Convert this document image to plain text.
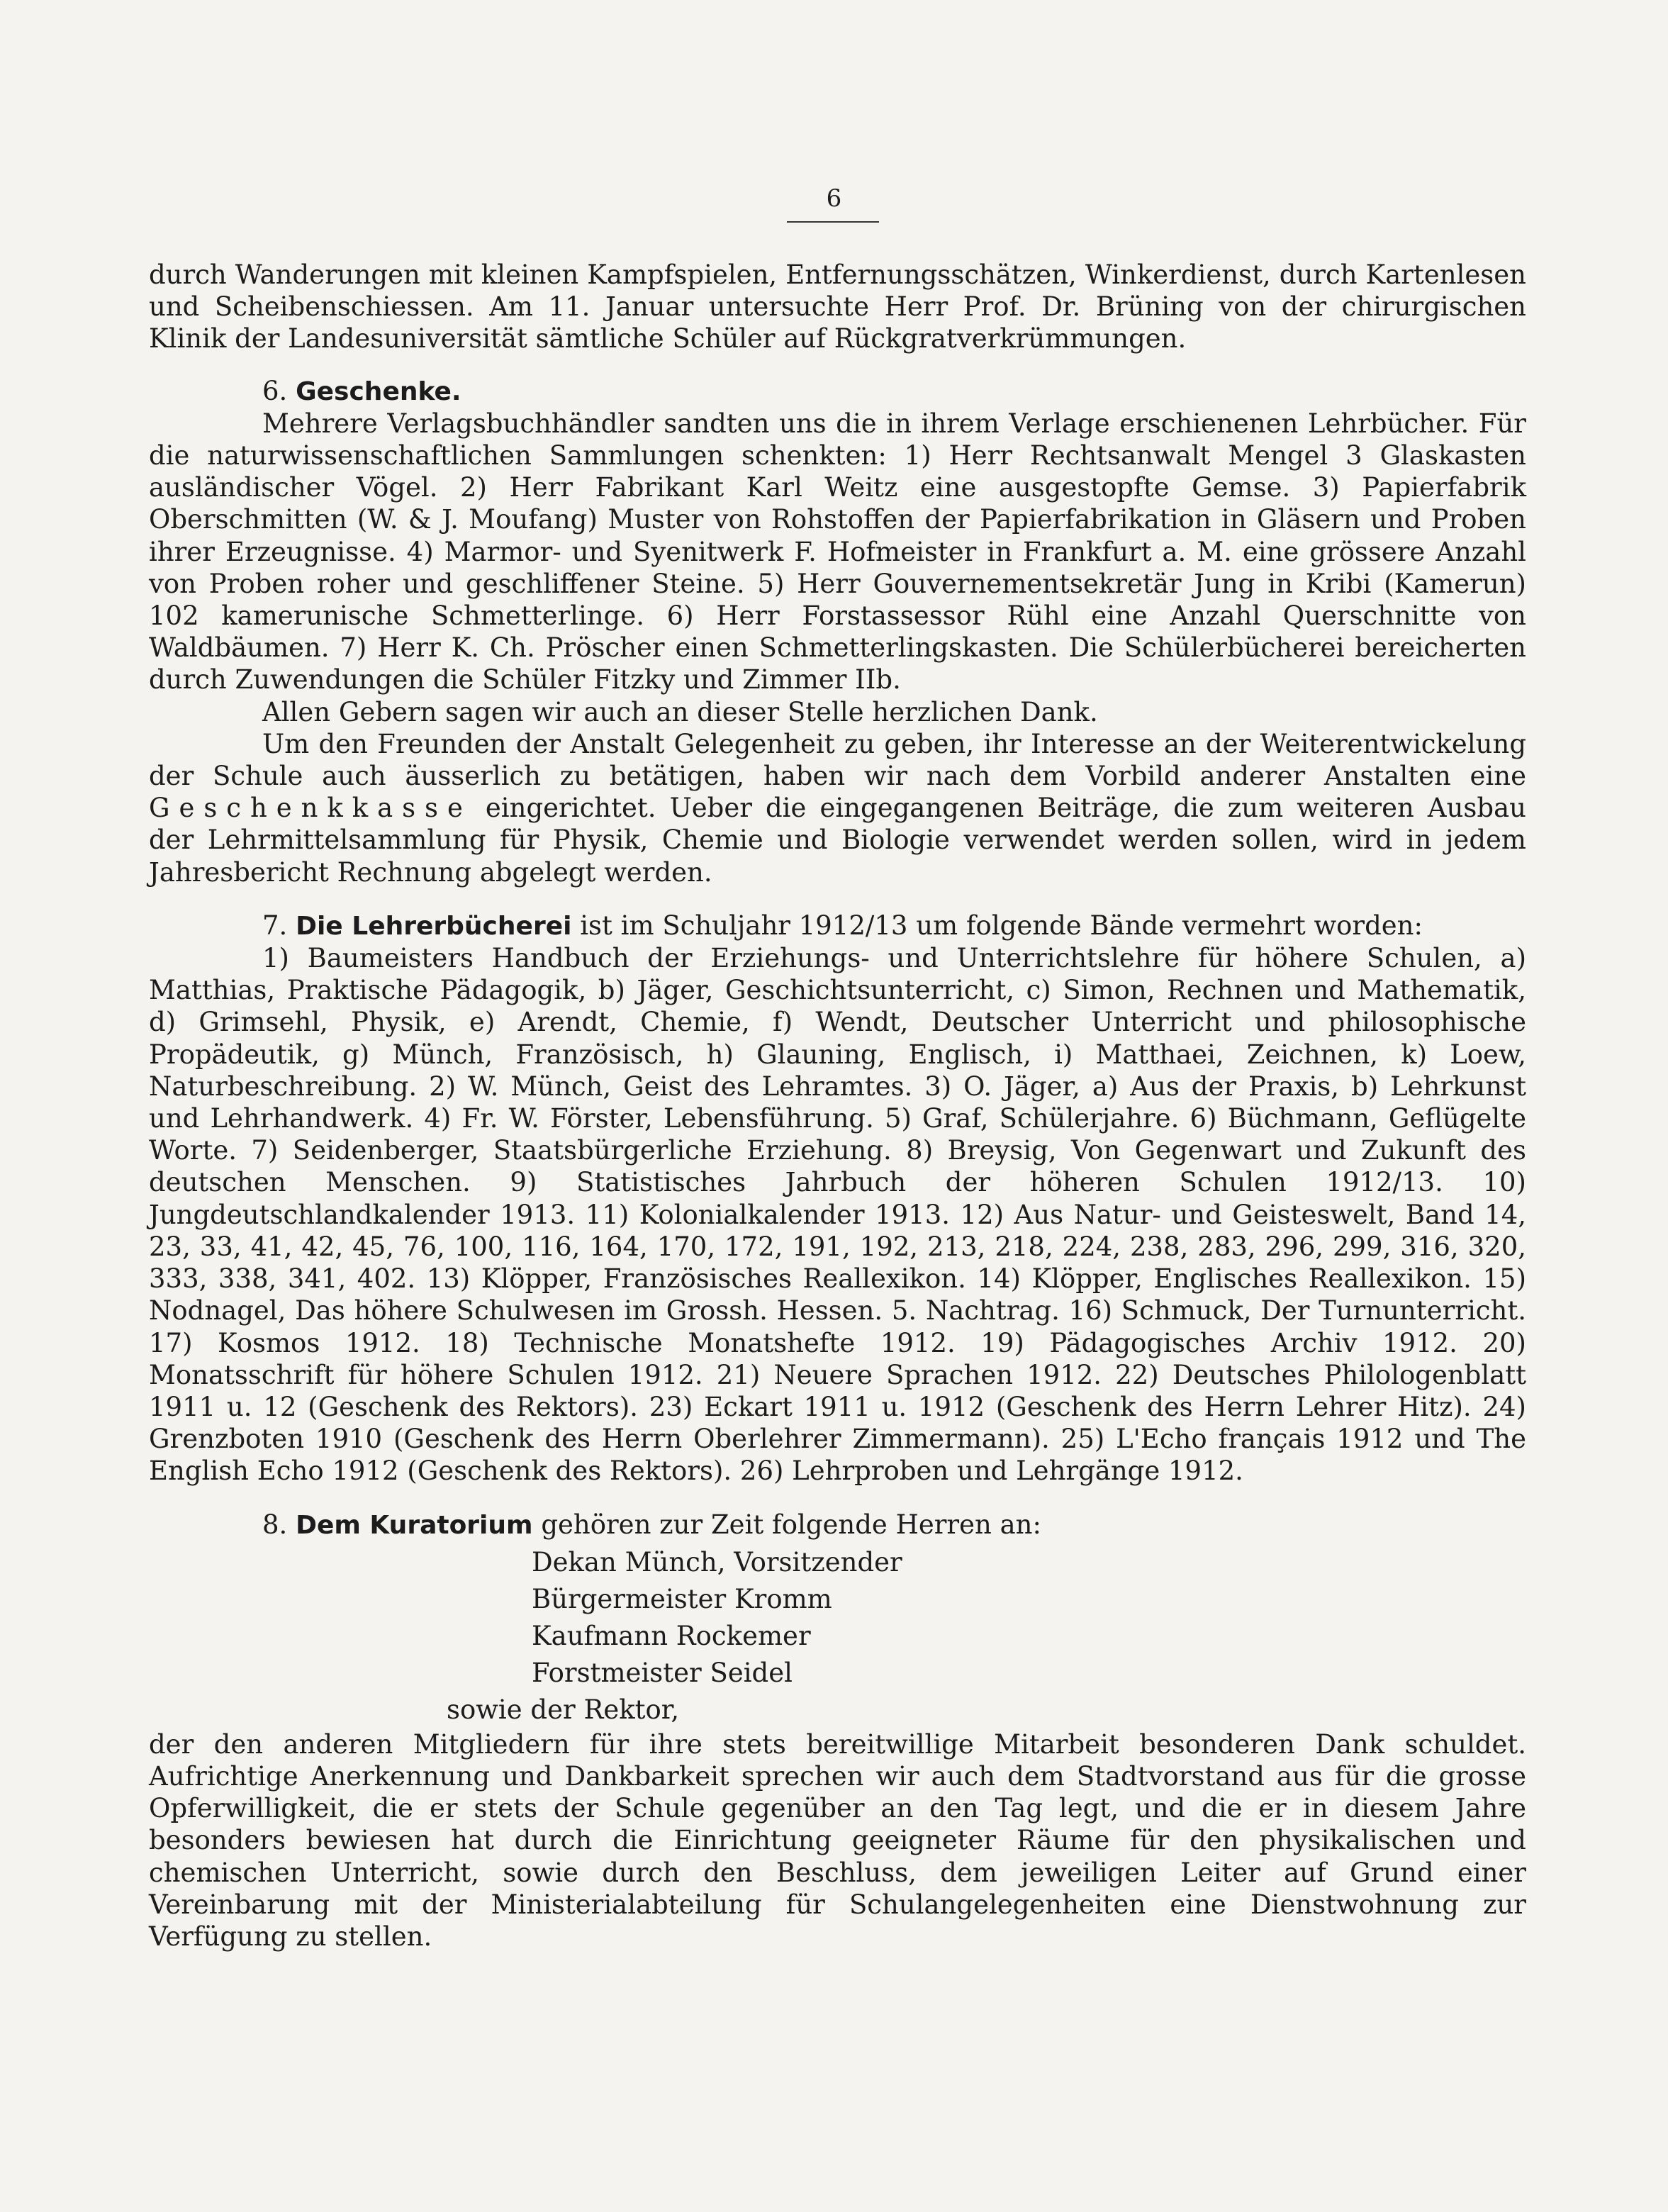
6

durch Wanderungen mit kleinen Kampfspielen, Entfernungsschätzen, Winkerdienst, durch Kartenlesen und Scheibenschiessen. Am 11. Januar untersuchte Herr Prof. Dr. Brüning von der chirurgischen Klinik der Landesuniversität sämtliche Schüler auf Rückgratverkrümmungen.

6. Geschenke.

Mehrere Verlagsbuchhändler sandten uns die in ihrem Verlage erschienenen Lehrbücher. Für die naturwissenschaftlichen Sammlungen schenkten: 1) Herr Rechtsanwalt Mengel 3 Glaskasten ausländischer Vögel. 2) Herr Fabrikant Karl Weitz eine ausgestopfte Gemse. 3) Papierfabrik Oberschmitten (W. & J. Moufang) Muster von Rohstoffen der Papierfabrikation in Gläsern und Proben ihrer Erzeugnisse. 4) Marmor- und Syenitwerk F. Hofmeister in Frankfurt a. M. eine grössere Anzahl von Proben roher und geschliffener Steine. 5) Herr Gouvernementsekretär Jung in Kribi (Kamerun) 102 kamerunische Schmetterlinge. 6) Herr Forstassessor Rühl eine Anzahl Querschnitte von Waldbäumen. 7) Herr K. Ch. Pröscher einen Schmetterlingskasten. Die Schülerbücherei bereicherten durch Zuwendungen die Schüler Fitzky und Zimmer IIb.

Allen Gebern sagen wir auch an dieser Stelle herzlichen Dank.

Um den Freunden der Anstalt Gelegenheit zu geben, ihr Interesse an der Weiterentwickelung der Schule auch äusserlich zu betätigen, haben wir nach dem Vorbild anderer Anstalten eine Geschenkkasse eingerichtet. Ueber die eingegangenen Beiträge, die zum weiteren Ausbau der Lehrmittelsammlung für Physik, Chemie und Biologie verwendet werden sollen, wird in jedem Jahresbericht Rechnung abgelegt werden.

7. Die Lehrerbücherei ist im Schuljahr 1912/13 um folgende Bände vermehrt worden:

1) Baumeisters Handbuch der Erziehungs- und Unterrichtslehre für höhere Schulen, a) Matthias, Praktische Pädagogik, b) Jäger, Geschichtsunterricht, c) Simon, Rechnen und Mathematik, d) Grimsehl, Physik, e) Arendt, Chemie, f) Wendt, Deutscher Unterricht und philosophische Propädeutik, g) Münch, Französisch, h) Glauning, Englisch, i) Matthaei, Zeichnen, k) Loew, Naturbeschreibung. 2) W. Münch, Geist des Lehramtes. 3) O. Jäger, a) Aus der Praxis, b) Lehrkunst und Lehrhandwerk. 4) Fr. W. Förster, Lebensführung. 5) Graf, Schülerjahre. 6) Büchmann, Geflügelte Worte. 7) Seidenberger, Staatsbürgerliche Erziehung. 8) Breysig, Von Gegenwart und Zukunft des deutschen Menschen. 9) Statistisches Jahrbuch der höheren Schulen 1912/13. 10) Jungdeutschlandkalender 1913. 11) Kolonialkalender 1913. 12) Aus Natur- und Geisteswelt, Band 14, 23, 33, 41, 42, 45, 76, 100, 116, 164, 170, 172, 191, 192, 213, 218, 224, 238, 283, 296, 299, 316, 320, 333, 338, 341, 402. 13) Klöpper, Französisches Reallexikon. 14) Klöpper, Englisches Reallexikon. 15) Nodnagel, Das höhere Schulwesen im Grossh. Hessen. 5. Nachtrag. 16) Schmuck, Der Turnunterricht. 17) Kosmos 1912. 18) Technische Monatshefte 1912. 19) Pädagogisches Archiv 1912. 20) Monatsschrift für höhere Schulen 1912. 21) Neuere Sprachen 1912. 22) Deutsches Philologenblatt 1911 u. 12 (Geschenk des Rektors). 23) Eckart 1911 u. 1912 (Geschenk des Herrn Lehrer Hitz). 24) Grenzboten 1910 (Geschenk des Herrn Oberlehrer Zimmermann). 25) L'Echo français 1912 und The English Echo 1912 (Geschenk des Rektors). 26) Lehrproben und Lehrgänge 1912.

8. Dem Kuratorium gehören zur Zeit folgende Herren an:
Dekan Münch, Vorsitzender
Bürgermeister Kromm
Kaufmann Rockemer
Forstmeister Seidel
sowie der Rektor,

der den anderen Mitgliedern für ihre stets bereitwillige Mitarbeit besonderen Dank schuldet. Aufrichtige Anerkennung und Dankbarkeit sprechen wir auch dem Stadtvorstand aus für die grosse Opferwilligkeit, die er stets der Schule gegenüber an den Tag legt, und die er in diesem Jahre besonders bewiesen hat durch die Einrichtung geeigneter Räume für den physikalischen und chemischen Unterricht, sowie durch den Beschluss, dem jeweiligen Leiter auf Grund einer Vereinbarung mit der Ministerialabteilung für Schulangelegenheiten eine Dienstwohnung zur Verfügung zu stellen.
